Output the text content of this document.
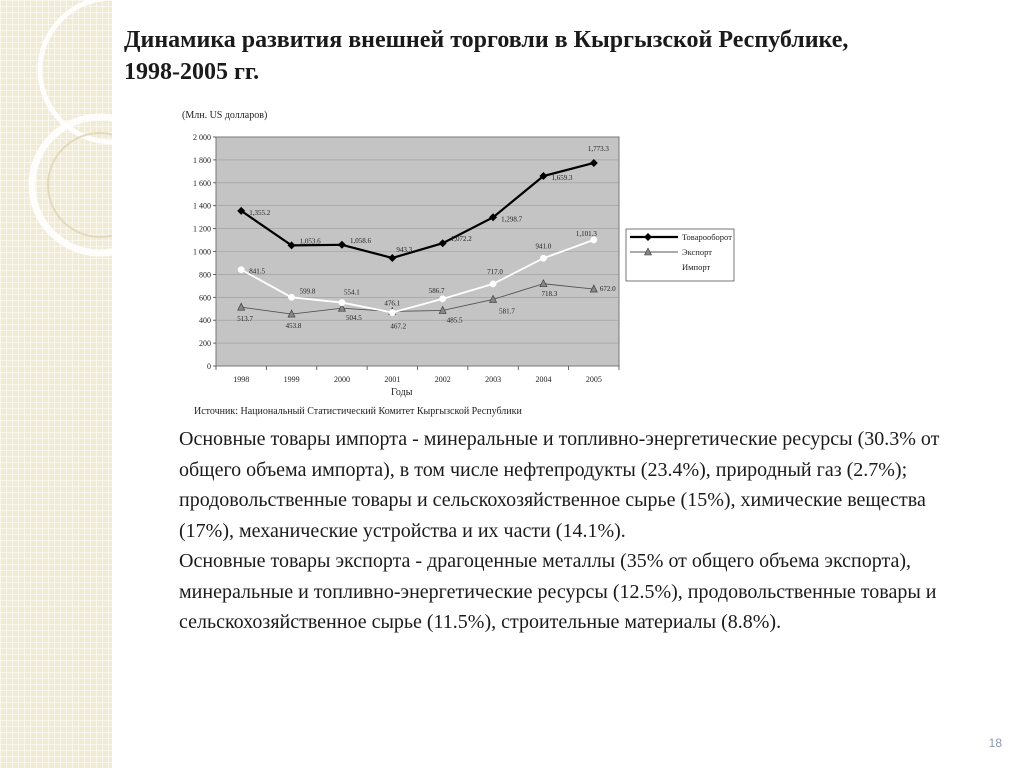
Динамика развития внешней торговли в Кыргызской Республике,
1998-2005 гг.
(Млн. US долларов)
0
200
400
600
800
1 000
1 200
1 400
1 600
1 800
2 000
1998	1999	2000	2001	2002	2003	2004	2005
1,355.2
1,053.6	1,058.6
943.3
1,072.2
1,298.7
1,659.3
1,773.3
513.7
453.8
504.5
476.1
485.5
581.7
718.3
672.0
841.5
599.8	554.1
467.2
586.7
717.0
941.0
1,101.3
Годы
Источник: Национальный Статистический Комитет Кыргызской Республики
Товарооборот
Экспорт
Импорт

Основные товары импорта - минеральные и топливно-энергетические ресурсы (30.3% от общего объема импорта), в том числе нефтепродукты (23.4%), природный газ (2.7%); продовольственные товары и сельскохозяйственное сырье (15%), химические вещества (17%), механические устройства и их части (14.1%).

Основные товары экспорта - драгоценные металлы (35% от общего объема экспорта), минеральные и топливно-энергетические ресурсы (12.5%), продовольственные товары и сельскохозяйственное сырье (11.5%), строительные материалы (8.8%).

18
